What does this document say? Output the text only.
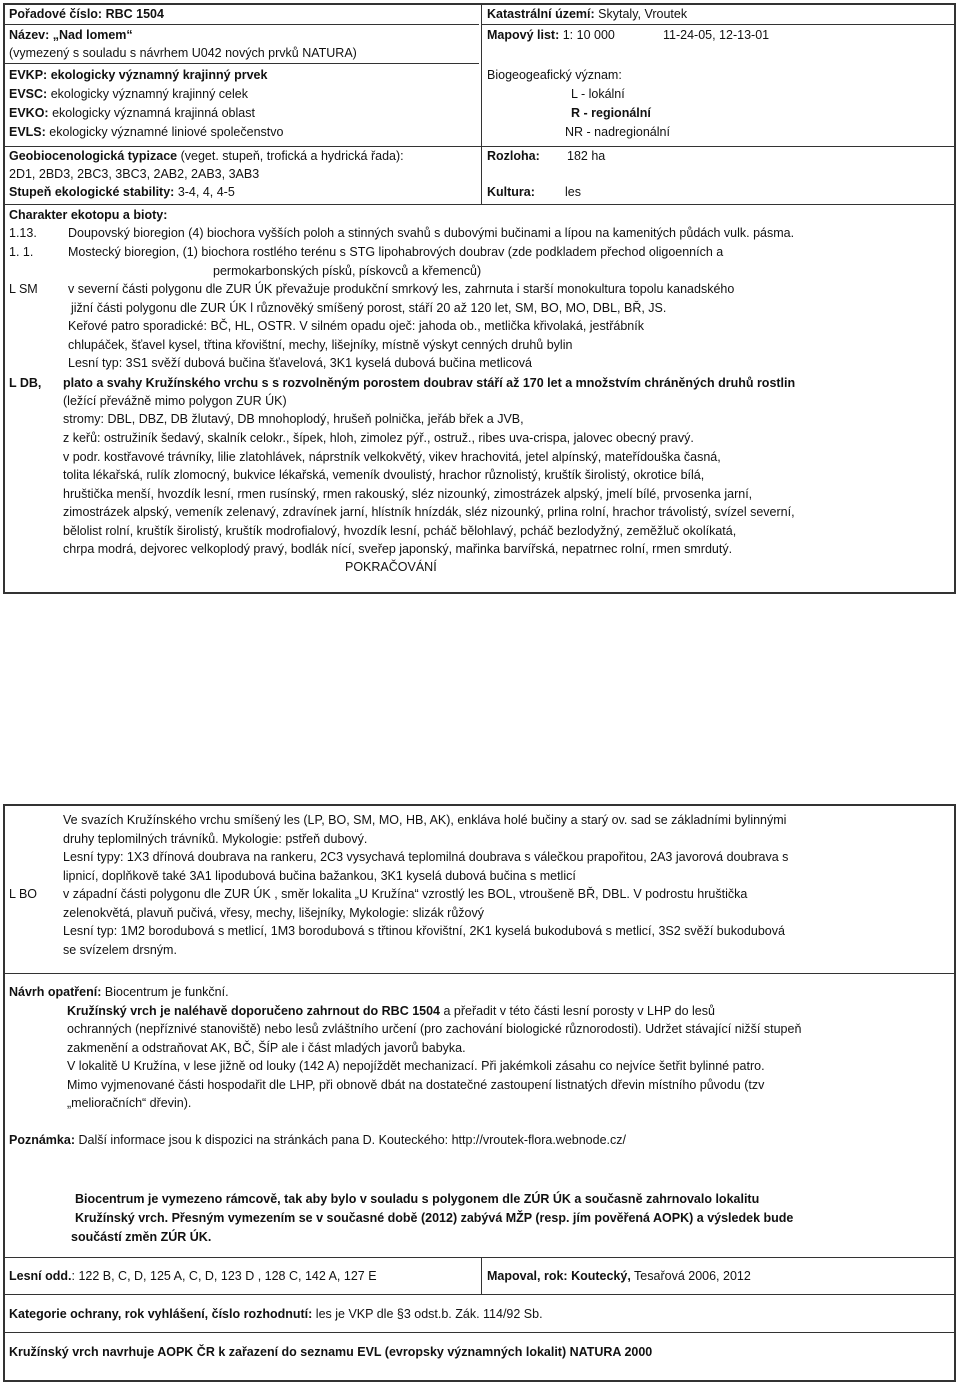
Pořadové číslo: RBC 1504	Katastrální území: Skytaly, Vroutek
Název: „Nad lomem“	Mapový list: 1: 10 000	11-24-05, 12-13-01
(vymezený s souladu s návrhem U042 nových prvků NATURA)
EVKP: ekologicky významný krajinný prvek
EVSC: ekologicky významný krajinný celek
EVKO: ekologicky významná krajinná oblast
EVLS: ekologicky významné liniové společenstvo
Biogeogeafický význam:
L - lokální
R - regionální
NR - nadregionální
Geobiocenologická typizace (veget. stupeň, trofická a hydrická řada):
2D1, 2BD3, 2BC3, 3BC3, 2AB2, 2AB3, 3AB3
Stupeň ekologické stability: 3-4, 4, 4-5
Rozloha: 182 ha
Kultura: les
Charakter ekotopu a bioty:
1.13. Doupovský bioregion (4) biochora vyšších poloh a stinných svahů s dubovými bučinami a lípou na kamenitých půdách vulk. pásma.
1. 1.	Mostecký bioregion, (1) biochora rostlého terénu s STG lipohabrových doubrav (zde podkladem přechod oligoenních a
permokarbonských písků, pískovců a křemenců)
L SM v severní části polygonu dle ZUR ÚK převažuje produkční smrkový les, zahrnuta i starší monokultura topolu kanadského
jižní části polygonu dle ZUR ÚK l různověký smíšený porost, stáří 20 až 120 let, SM, BO, MO, DBL, BŘ, JS.
Keřové patro sporadické: BČ, HL, OSTR. V silném opadu oječ: jahoda ob., metlička křivolaká, jestřábník
chlupáček, šťavel kysel, třtina křovištní, mechy, lišejníky, místně výskyt cenných druhů bylin
Lesní typ: 3S1 svěží dubová bučina šťavelová, 3K1 kyselá dubová bučina metlicová
L DB, plato a svahy Kružínského vrchu s s rozvolněným porostem doubrav stáří až 170 let a množstvím chráněných druhů rostlin
(ležící převážně mimo polygon ZUR ÚK)
stromy: DBL, DBZ, DB žlutavý, DB mnohoplodý, hrušeň polnička, jeřáb břek a JVB,
z keřů: ostružiník šedavý, skalník celokr., šípek, hloh, zimolez pýř., ostruž., ribes uva-crispa, jalovec obecný pravý.
v podr. kostřavové trávníky, lilie zlatohlávek, náprstník velkokvětý, vikev hrachovitá, jetel alpínský, mateřídouška časná,
tolita lékařská, rulík zlomocný, bukvice lékařská, vemeník dvoulistý, hrachor různolistý, kruštík širolistý, okrotice bílá,
hruštička menší, hvozdík lesní, rmen rusínský, rmen rakouský, sléz nizounký, zimostrázek alpský, jmelí bílé, prvosenka jarní,
zimostrázek alpský, vemeník zelenavý, zdravínek jarní, hlístník hnízdák, sléz nizounký, prlina rolní, hrachor trávolistý, svízel severní,
bělolist rolní, kruštík širolistý, kruštík modrofialový, hvozdík lesní, pcháč bělohlavý, pcháč bezlodyžný, zeměžluč okolíkatá,
chrpa modrá, dejvorec velkoplodý pravý, bodlák nící, sveřep japonský, mařinka barvířská, nepatrnec rolní, rmen smrdutý.
POKRAČOVÁNÍ
L BO
Ve svazích Kružínského vrchu smíšený les (LP, BO, SM, MO, HB, AK), enkláva holé bučiny a starý ov. sad se základními bylinnými
druhy teplomilných trávníků. Mykologie: pstřeň dubový.
Lesní typy: 1X3 dřínová doubrava na rankeru, 2C3 vysychavá teplomilná doubrava s válečkou prapořitou, 2A3 javorová doubrava s
lipnicí, doplňkově také 3A1 lipodubová bučina bažankou, 3K1 kyselá dubová bučina s metlicí
v západní části polygonu dle ZUR ÚK , směr lokalita „U Kružína“ vzrostlý les BOL, vtroušeně BŘ, DBL. V podrostu hruštička
zelenokvětá, plavuň pučivá, vřesy, mechy, lišejníky, Mykologie: slizák růžový
Lesní typ: 1M2 borodubová s metlicí, 1M3 borodubová s třtinou křovištní, 2K1 kyselá bukodubová s metlicí, 3S2 svěží bukodubová
se svízelem drsným.
Návrh opatření: Biocentrum je funkční.
Kružínský vrch je naléhavě doporučeno zahrnout do RBC 1504 a přeřadit v této části lesní porosty v LHP do lesů
ochranných (nepříznivé stanoviště) nebo lesů zvláštního určení (pro zachování biologické různorodosti). Udržet stávající nižší stupeň
zakmenění a odstraňovat AK, BČ, ŠÍP ale i část mladých javorů babyka.
V lokalitě U Kružína, v lese jižně od louky (142 A) nepojíždět mechanizací. Při jakémkoli zásahu co nejvíce šetřit bylinné patro.
Mimo vyjmenované části hospodařit dle LHP, při obnově dbát na dostatečné zastoupení listnatých dřevin místního původu (tzv
„melioračních“ dřevin).
Poznámka: Další informace jsou k dispozici na stránkách pana D. Kouteckého: http://vroutek-flora.webnode.cz/
Biocentrum je vymezeno rámcově, tak aby bylo v souladu s polygonem dle ZÚR ÚK a současně zahrnovalo lokalitu
Kružínský vrch. Přesným vymezením se v současné době (2012) zabývá MŽP (resp. jím pověřená AOPK) a výsledek bude
součástí změn ZÚR ÚK.
Lesní odd.: 122 B, C, D, 125 A, C, D, 123 D , 128 C, 142 A, 127 E	Mapoval, rok: Koutecký, Tesařová 2006, 2012
Kategorie ochrany, rok vyhlášení, číslo rozhodnutí: les je VKP dle §3 odst.b. Zák. 114/92 Sb.
Kružínský vrch navrhuje AOPK ČR k zařazení do seznamu EVL (evropsky významných lokalit) NATURA 2000
